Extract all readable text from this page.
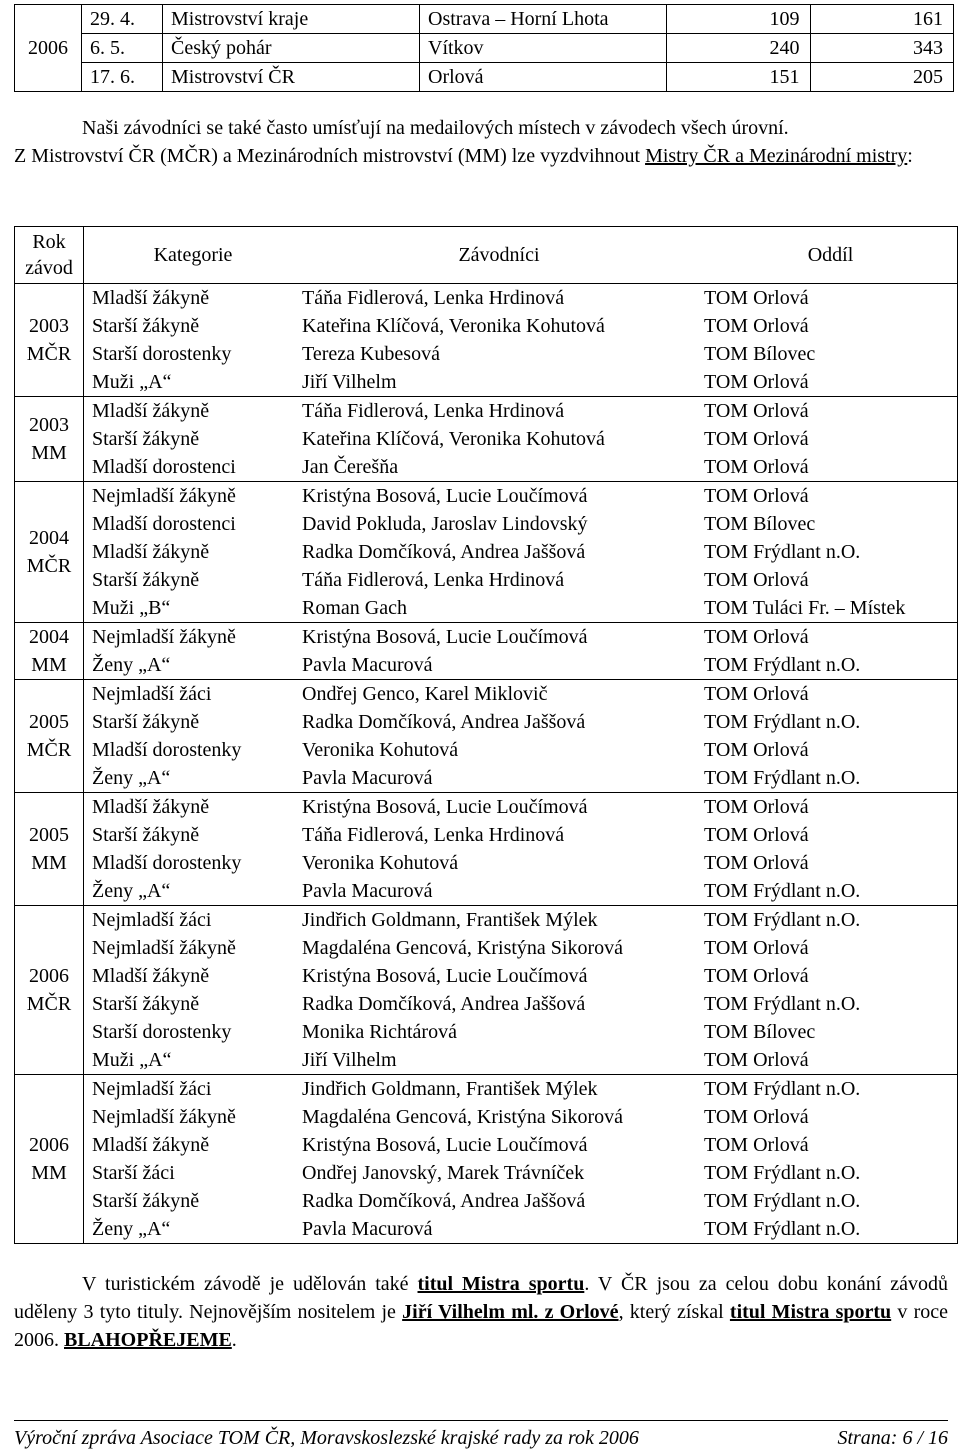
2006	29. 4.	Mistrovství kraje	Ostrava – Horní Lhota	109	161
	6. 5.	Český pohár	Vítkov	240	343
	17. 6.	Mistrovství ČR	Orlová	151	205
Naši závodníci se také často umísťují na medailových místech v závodech všech úrovní.
Z Mistrovství ČR (MČR) a Mezinárodních mistrovství (MM) lze vyzdvihnout Mistry ČR a Mezinárodní mistry:
Rok
závod	Kategorie	Závodníci	Oddíl

2003
MČR	Mladší žákyně	Táňa Fidlerová, Lenka Hrdinová	TOM Orlová
	Starší žákyně	Kateřina Klíčová, Veronika Kohutová	TOM Orlová
	Starší dorostenky	Tereza Kubesová	TOM Bílovec
	Muži „A“	Jiří Vilhelm	TOM Orlová

2003
MM	Mladší žákyně	Táňa Fidlerová, Lenka Hrdinová	TOM Orlová
	Starší žákyně	Kateřina Klíčová, Veronika Kohutová	TOM Orlová
	Mladší dorostenci	Jan Čerešňa	TOM Orlová

2004
MČR	Nejmladší žákyně	Kristýna Bosová, Lucie Loučímová	TOM Orlová
	Mladší dorostenci	David Pokluda, Jaroslav Lindovský	TOM Bílovec
	Mladší žákyně	Radka Domčíková, Andrea Jaššová	TOM Frýdlant n.O.
	Starší žákyně	Táňa Fidlerová, Lenka Hrdinová	TOM Orlová
	Muži „B“	Roman Gach	TOM Tuláci Fr. – Místek

2004
MM	Nejmladší žákyně	Kristýna Bosová, Lucie Loučímová	TOM Orlová
	Ženy „A“	Pavla Macurová	TOM Frýdlant n.O.

2005
MČR	Nejmladší žáci	Ondřej Genco, Karel Miklovič	TOM Orlová
	Starší žákyně	Radka Domčíková, Andrea Jaššová	TOM Frýdlant n.O.
	Mladší dorostenky	Veronika Kohutová	TOM Orlová
	Ženy „A“	Pavla Macurová	TOM Frýdlant n.O.

2005
MM	Mladší žákyně	Kristýna Bosová, Lucie Loučímová	TOM Orlová
	Starší žákyně	Táňa Fidlerová, Lenka Hrdinová	TOM Orlová
	Mladší dorostenky	Veronika Kohutová	TOM Orlová
	Ženy „A“	Pavla Macurová	TOM Frýdlant n.O.

2006
MČR	Nejmladší žáci	Jindřich Goldmann, František Mýlek	TOM Frýdlant n.O.
	Nejmladší žákyně	Magdaléna Gencová, Kristýna Sikorová	TOM Orlová
	Mladší žákyně	Kristýna Bosová, Lucie Loučímová	TOM Orlová
	Starší žákyně	Radka Domčíková, Andrea Jaššová	TOM Frýdlant n.O.
	Starší dorostenky	Monika Richtárová	TOM Bílovec
	Muži „A“	Jiří Vilhelm	TOM Orlová

2006
MM	Nejmladší žáci	Jindřich Goldmann, František Mýlek	TOM Frýdlant n.O.
	Nejmladší žákyně	Magdaléna Gencová, Kristýna Sikorová	TOM Orlová
	Mladší žákyně	Kristýna Bosová, Lucie Loučímová	TOM Orlová
	Starší žáci	Ondřej Janovský, Marek Trávníček	TOM Frýdlant n.O.
	Starší žákyně	Radka Domčíková, Andrea Jaššová	TOM Frýdlant n.O.
	Ženy „A“	Pavla Macurová	TOM Frýdlant n.O.
V turistickém závodě je udělován také titul Mistra sportu. V ČR jsou za celou dobu konání závodů uděleny 3 tyto tituly. Nejnovějším nositelem je Jiří Vilhelm ml. z Orlové, který získal titul Mistra sportu v roce 2006. BLAHOPŘEJEME.
Výroční zpráva Asociace TOM ČR, Moravskoslezské krajské rady za rok 2006	Strana: 6 / 16
